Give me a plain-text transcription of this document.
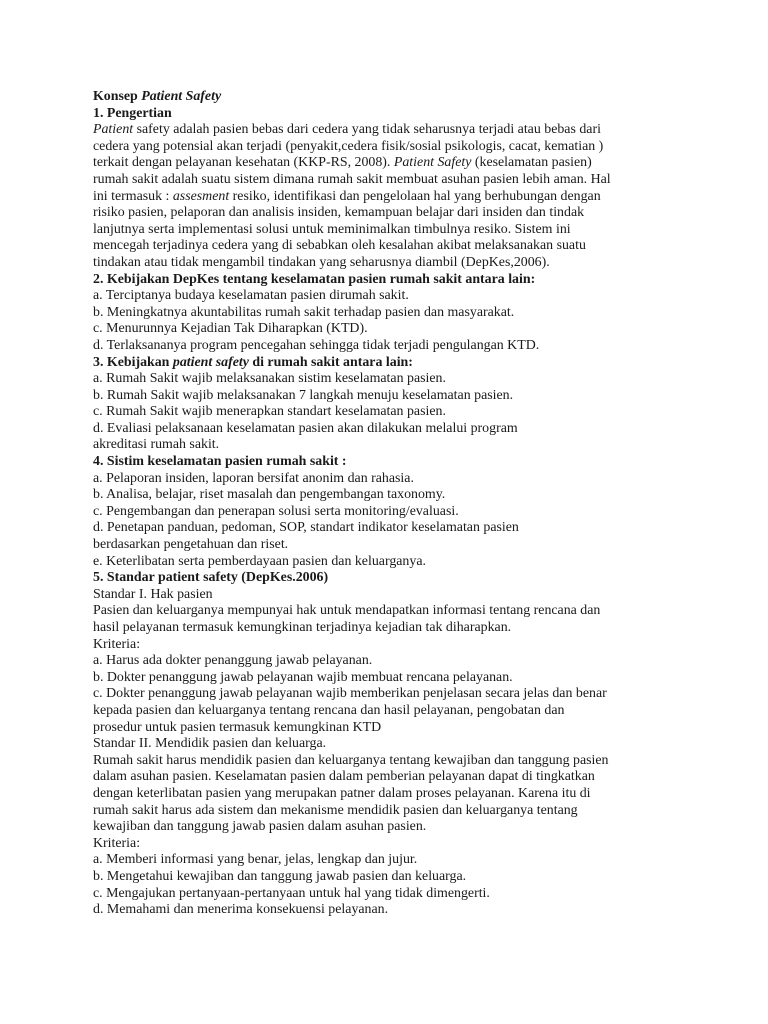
Konsep Patient Safety

1. Pengertian

Patient safety adalah pasien bebas dari cedera yang tidak seharusnya terjadi atau bebas dari

cedera yang potensial akan terjadi (penyakit,cedera fisik/sosial psikologis, cacat, kematian )

terkait dengan pelayanan kesehatan (KKP-RS, 2008). Patient Safety (keselamatan pasien)

rumah sakit adalah suatu sistem dimana rumah sakit membuat asuhan pasien lebih aman. Hal

ini termasuk : assesment resiko, identifikasi dan pengelolaan hal yang berhubungan dengan

risiko pasien, pelaporan dan analisis insiden, kemampuan belajar dari insiden dan tindak

lanjutnya serta implementasi solusi untuk meminimalkan timbulnya resiko. Sistem ini

mencegah terjadinya cedera yang di sebabkan oleh kesalahan akibat melaksanakan suatu

tindakan atau tidak mengambil tindakan yang seharusnya diambil (DepKes,2006).

2. Kebijakan DepKes tentang keselamatan pasien rumah sakit antara lain:

a. Terciptanya budaya keselamatan pasien dirumah sakit.

b. Meningkatnya akuntabilitas rumah sakit terhadap pasien dan masyarakat.

c. Menurunnya Kejadian Tak Diharapkan (KTD).

d. Terlaksananya program pencegahan sehingga tidak terjadi pengulangan KTD.

3. Kebijakan patient safety di rumah sakit antara lain:

a. Rumah Sakit wajib melaksanakan sistim keselamatan pasien.

b. Rumah Sakit wajib melaksanakan 7 langkah menuju keselamatan pasien.

c. Rumah Sakit wajib menerapkan standart keselamatan pasien.

d. Evaliasi pelaksanaan keselamatan pasien akan dilakukan melalui program

akreditasi rumah sakit.

4. Sistim keselamatan pasien rumah sakit :

a. Pelaporan insiden, laporan bersifat anonim dan rahasia.

b. Analisa, belajar, riset masalah dan pengembangan taxonomy.

c. Pengembangan dan penerapan solusi serta monitoring/evaluasi.

d. Penetapan panduan, pedoman, SOP, standart indikator keselamatan pasien

berdasarkan pengetahuan dan riset.

e. Keterlibatan serta pemberdayaan pasien dan keluarganya.

5. Standar patient safety (DepKes.2006)

Standar I. Hak pasien

Pasien dan keluarganya mempunyai hak untuk mendapatkan informasi tentang rencana dan

hasil pelayanan termasuk kemungkinan terjadinya kejadian tak diharapkan.

Kriteria:

a. Harus ada dokter penanggung jawab pelayanan.

b. Dokter penanggung jawab pelayanan wajib membuat rencana pelayanan.

c. Dokter penanggung jawab pelayanan wajib memberikan penjelasan secara jelas dan benar

kepada pasien dan keluarganya tentang rencana dan hasil pelayanan, pengobatan dan

prosedur untuk pasien termasuk kemungkinan KTD

Standar II. Mendidik pasien dan keluarga.

Rumah sakit harus mendidik pasien dan keluarganya tentang kewajiban dan tanggung pasien

dalam asuhan pasien. Keselamatan pasien dalam pemberian pelayanan dapat di tingkatkan

dengan keterlibatan pasien yang merupakan patner dalam proses pelayanan. Karena itu di

rumah sakit harus ada sistem dan mekanisme mendidik pasien dan keluarganya tentang

kewajiban dan tanggung jawab pasien dalam asuhan pasien.

Kriteria:

a. Memberi informasi yang benar, jelas, lengkap dan jujur.

b. Mengetahui kewajiban dan tanggung jawab pasien dan keluarga.

c. Mengajukan pertanyaan-pertanyaan untuk hal yang tidak dimengerti.

d. Memahami dan menerima konsekuensi pelayanan.
